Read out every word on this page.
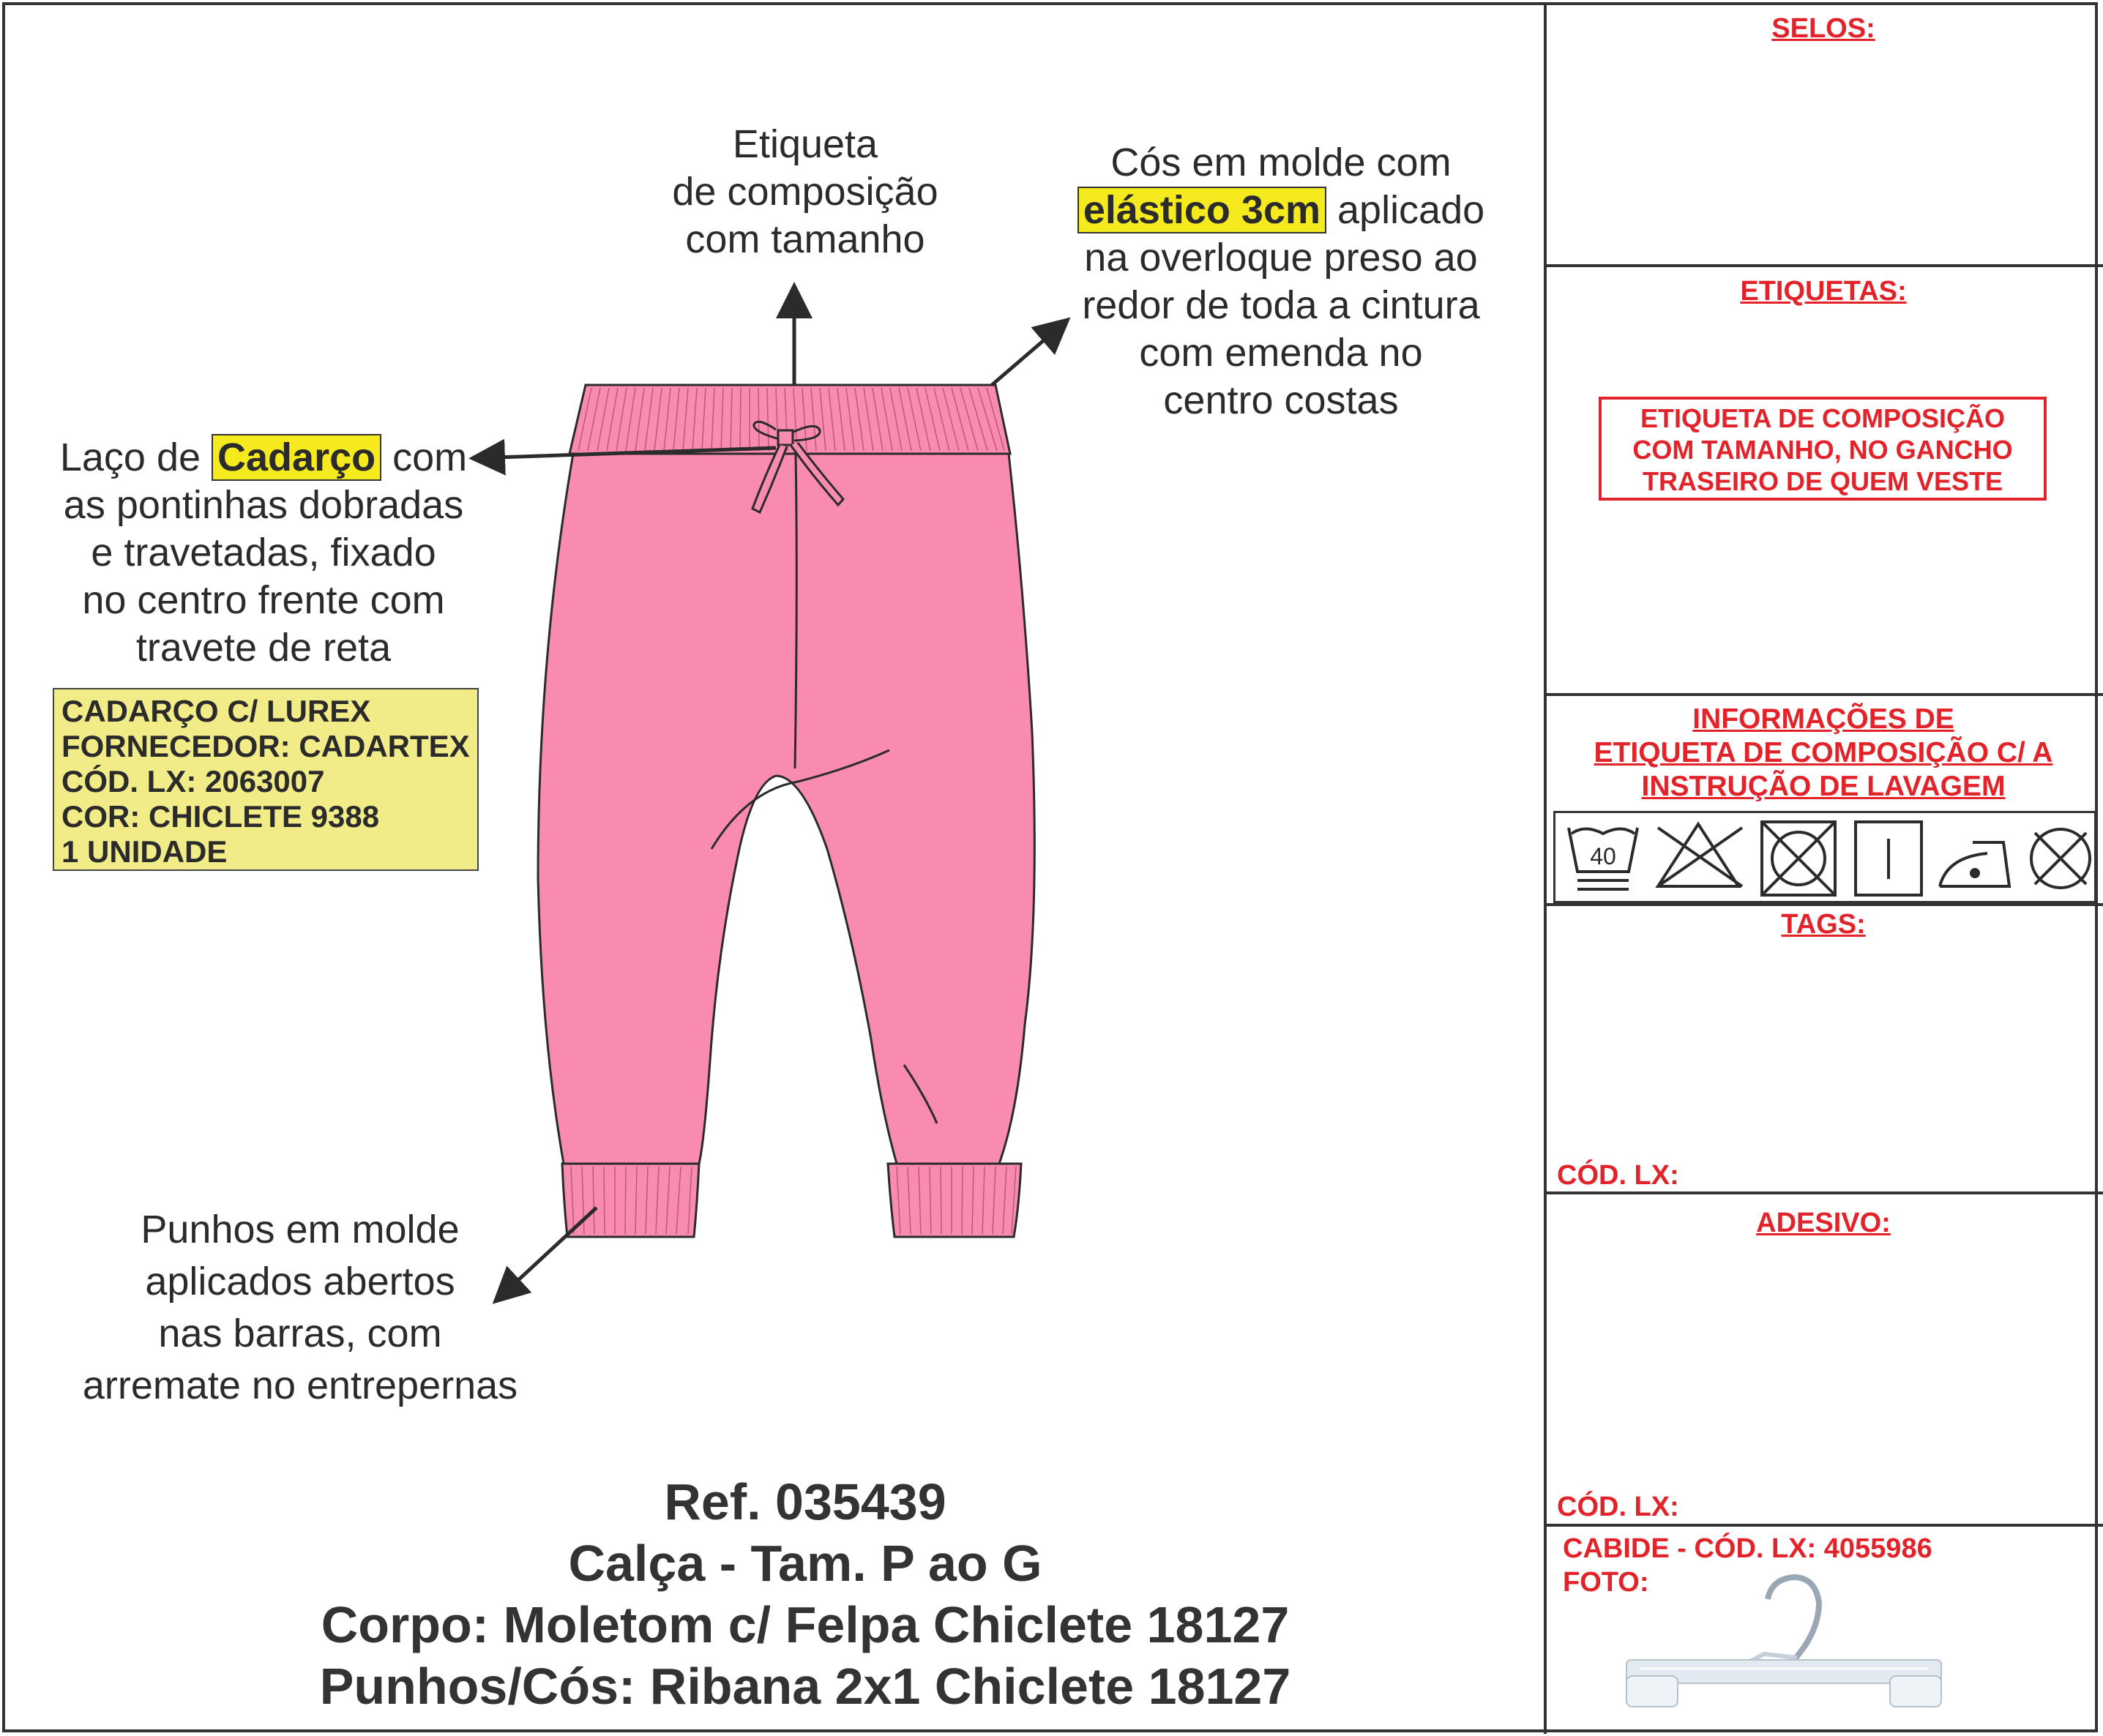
Etiqueta
de composição
com tamanho
Cós em molde com
elástico 3cm aplicado
na overloque preso ao
redor de toda a cintura
com emenda no
centro costas
Laço de Cadarço com
as pontinhas dobradas
e travetadas, fixado
no centro frente com
travete de reta
CADARÇO C/ LUREX
FORNECEDOR: CADARTEX
CÓD. LX: 2063007
COR: CHICLETE 9388
1 UNIDADE
Punhos em molde
aplicados abertos
nas barras, com
arremate no entrepernas
Ref. 035439
Calça - Tam. P ao G
Corpo: Moletom c/ Felpa Chiclete 18127
Punhos/Cós: Ribana 2x1 Chiclete 18127
SELOS:
ETIQUETAS:
ETIQUETA DE COMPOSIÇÃO
COM TAMANHO, NO GANCHO
TRASEIRO DE QUEM VESTE
INFORMAÇÕES DE
ETIQUETA DE COMPOSIÇÃO C/ A
INSTRUÇÃO DE LAVAGEM
40
TAGS:
CÓD. LX:
ADESIVO:
CÓD. LX:
CABIDE - CÓD. LX: 4055986
FOTO:
